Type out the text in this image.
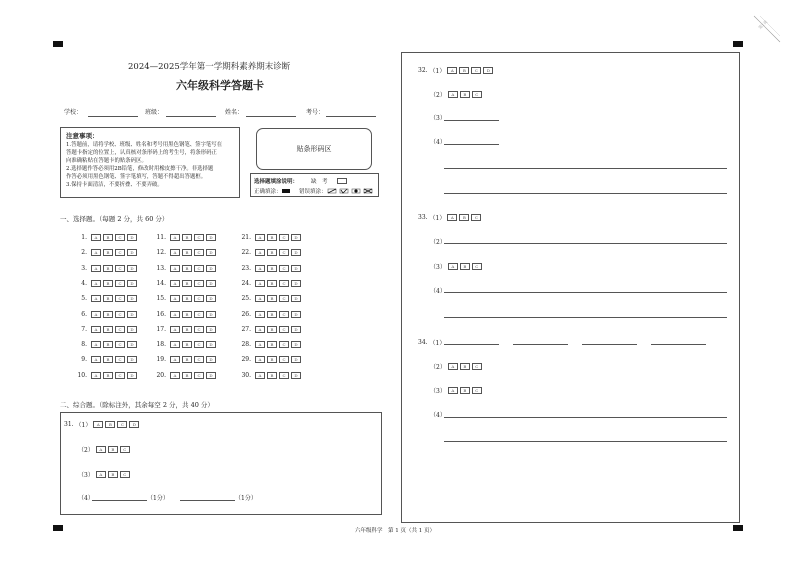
第1页
2024—2025学年第一学期科素养期末诊断
六年级科学答题卡
学校：	班级：	姓名：	考号：
注意事项：
1.答题前，请将学校、班级、姓名和考号用黑色钢笔、签字笔写在
答题卡指定的位置上，认真核对条形码上的考生号，将条形码正
向准确粘贴在答题卡的贴条码区。
2.选择题作答必须用2B铅笔，修改时用橡皮擦干净。非选择题
作答必须用黑色钢笔、签字笔填写，答题不得超出答题框。
3.保持卡面清洁，不要折叠、不要弄破。
贴条形码区
选择题填涂说明： 缺　考
正确填涂：	错误填涂：
一、选择题。（每题 2 分，共 60 分）
1.	A	B	C	D
2.	A	B	C	D
3.	A	B	C	D
4.	A	B	C	D
5.	A	B	C	D
6.	A	B	C	D
7.	A	B	C	D
8.	A	B	C	D
9.	A	B	C	D
10.	A	B	C	D
11.	A	B	C	D
12.	A	B	C	D
13.	A	B	C	D
14.	A	B	C	D
15.	A	B	C	D
16.	A	B	C	D
17.	A	B	C	D
18.	A	B	C	D
19.	A	B	C	D
20.	A	B	C	D
21.	A	B	C	D
22.	A	B	C	D
23.	A	B	C	D
24.	A	B	C	D
25.	A	B	C	D
26.	A	B	C	D
27.	A	B	C	D
28.	A	B	C	D
29.	A	B	C	D
30.	A	B	C	D
二、综合题。（除标注外，其余每空 2 分，共 40 分）
31. （1）	A B C D
（2）	A B C
（3）	A B C
（4）	（1分）	（1分）
32. （1）	A B C D
（2）	A B C
（3）
（4）
33. （1）	A B C
（2）
（3）	A B C
（4）
34. （1）
（2）	A B C
（3）	A B C
（4）
六年级科学　第 1 页（共 1 页）
